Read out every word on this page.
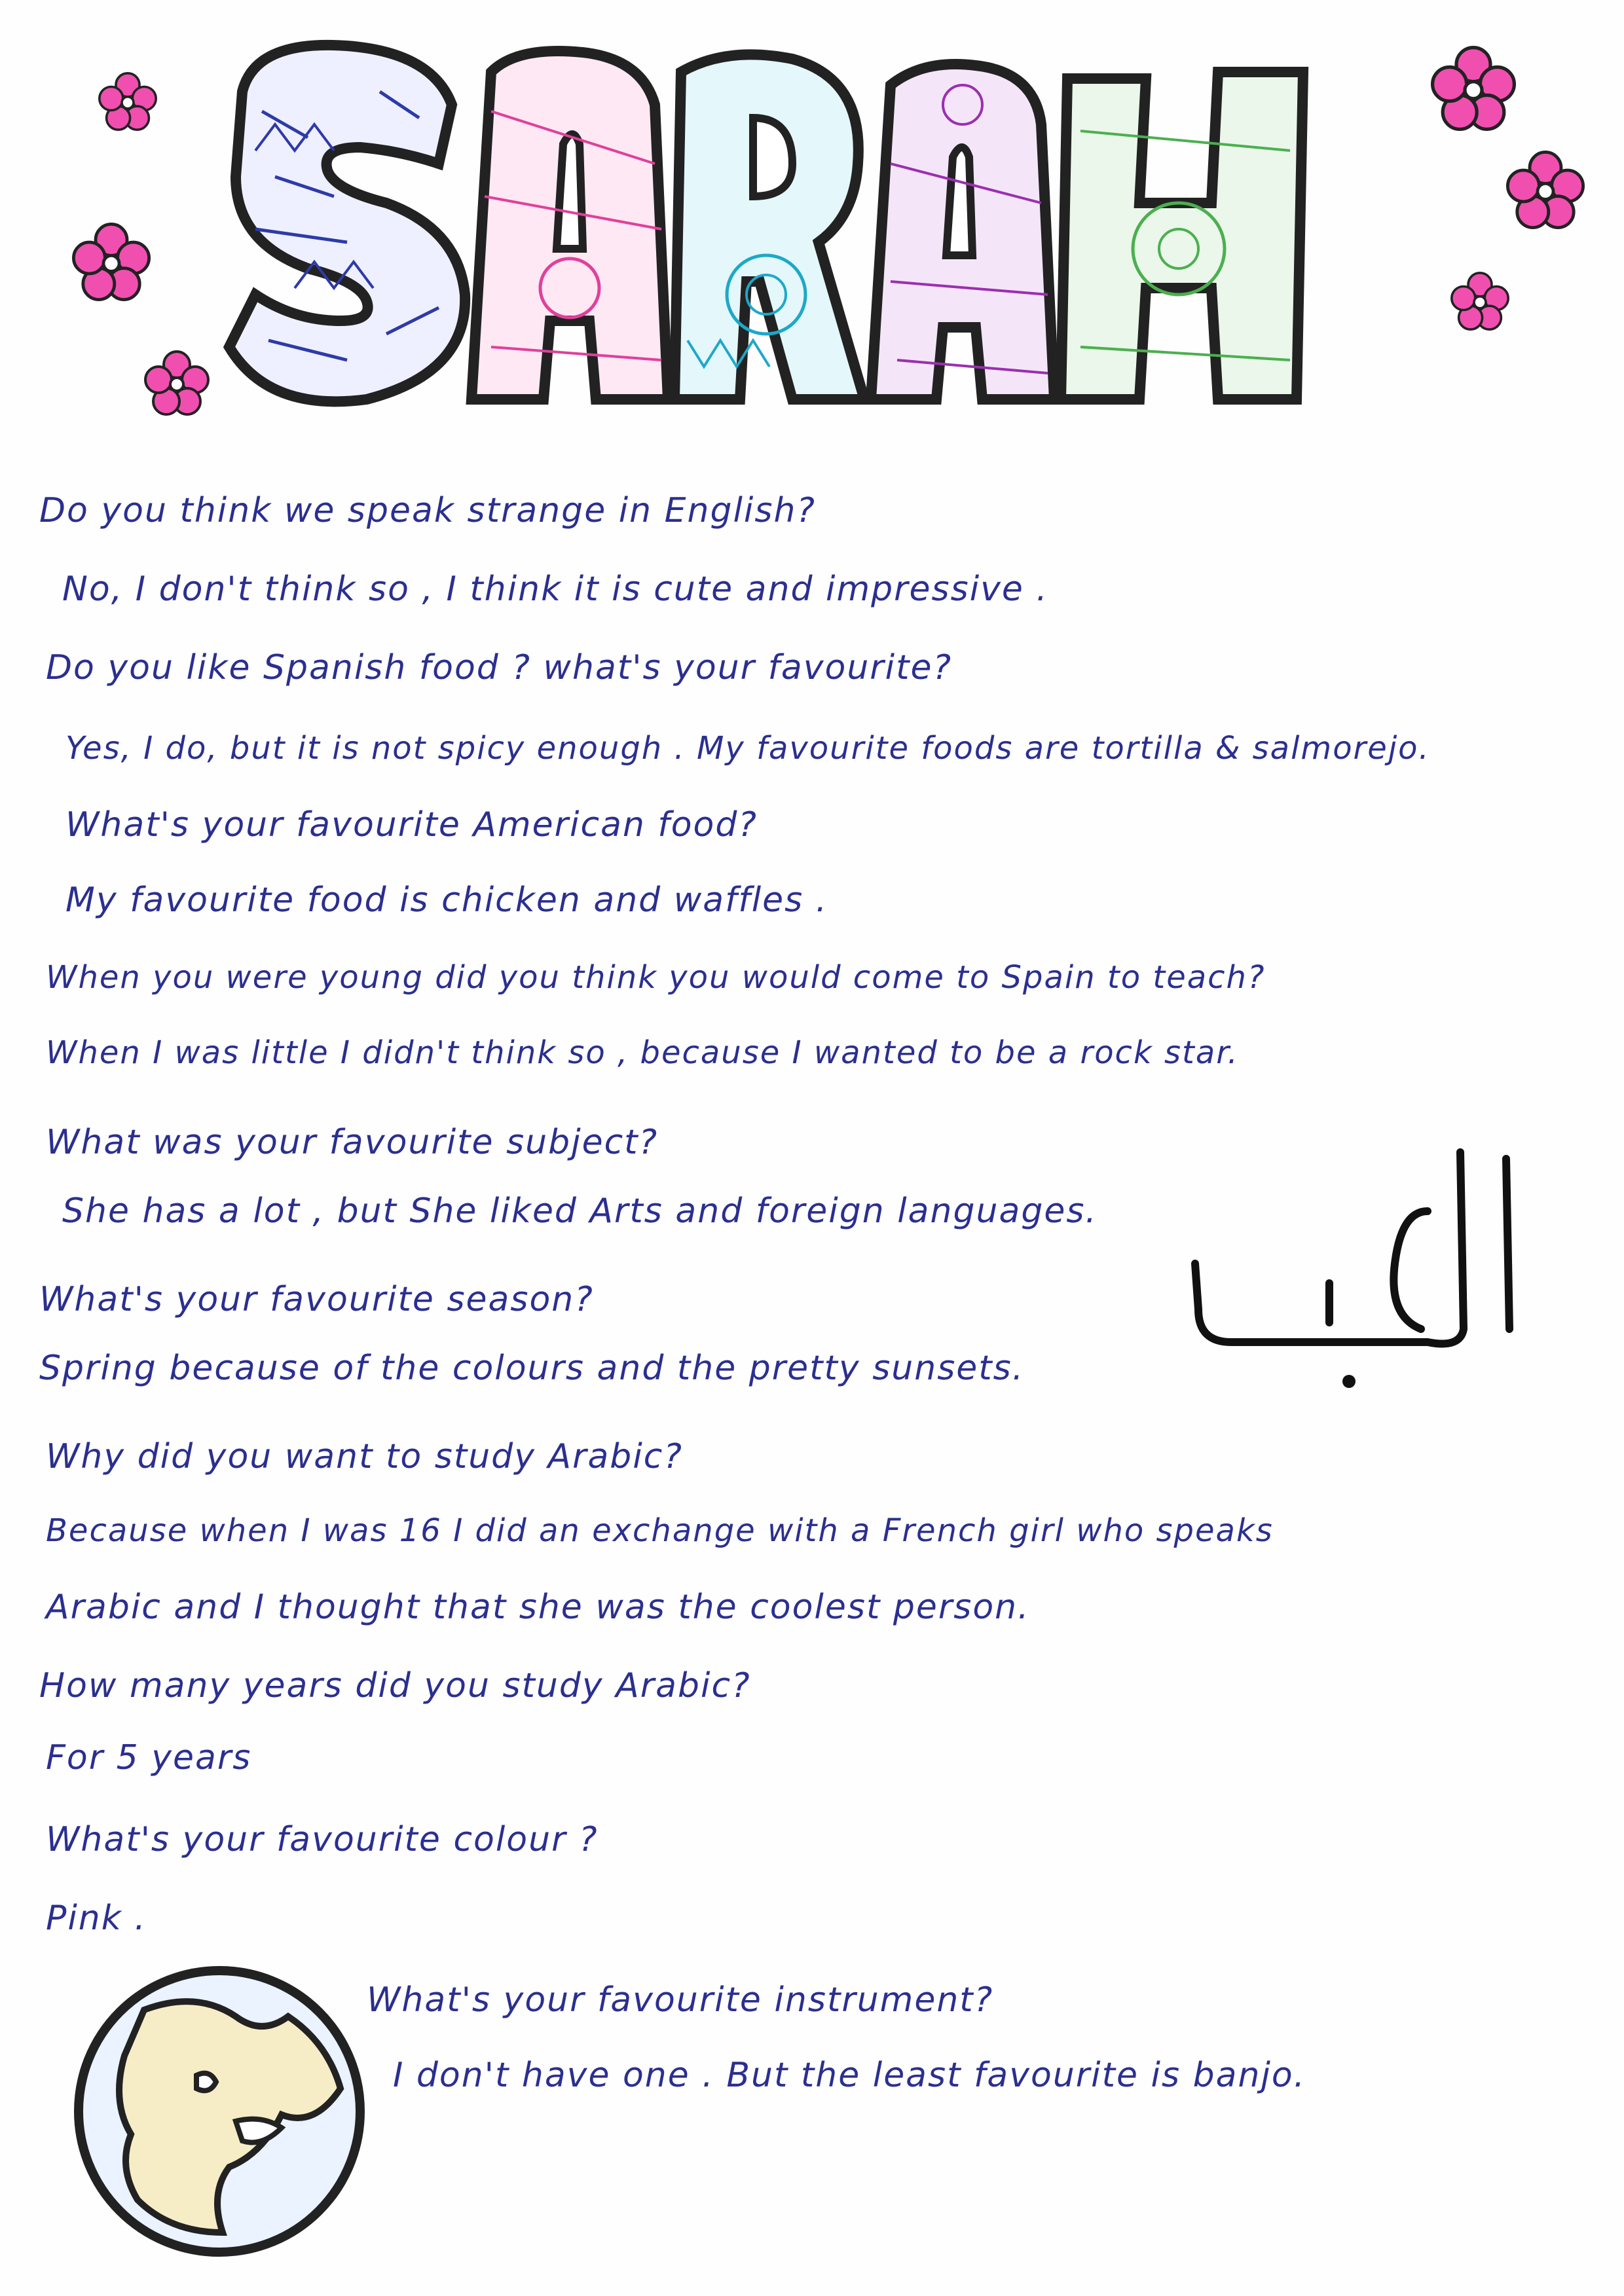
Do you think we speak strange in English?
No, I don't think so , I think it is cute and impressive .
Do you like Spanish food ? what's your favourite?
Yes, I do, but it is not spicy enough . My favourite foods are tortilla & salmorejo.
What's your favourite American food?
My favourite food is chicken and waffles .
When you were young did you think you would come to Spain to teach?
When I was little I didn't think so , because I wanted to be a rock star.
What was your favourite subject?
She has a lot , but She liked Arts and foreign languages.
What's your favourite season?
Spring because of the colours and the pretty sunsets.
Why did you want to study Arabic?
Because when I was 16 I did an exchange with a French girl who speaks
Arabic and I thought that she was the coolest person.
How many years did you study Arabic?
For 5 years
What's your favourite colour ?
Pink .
What's your favourite instrument?
I don't have one . But the least favourite is banjo.
